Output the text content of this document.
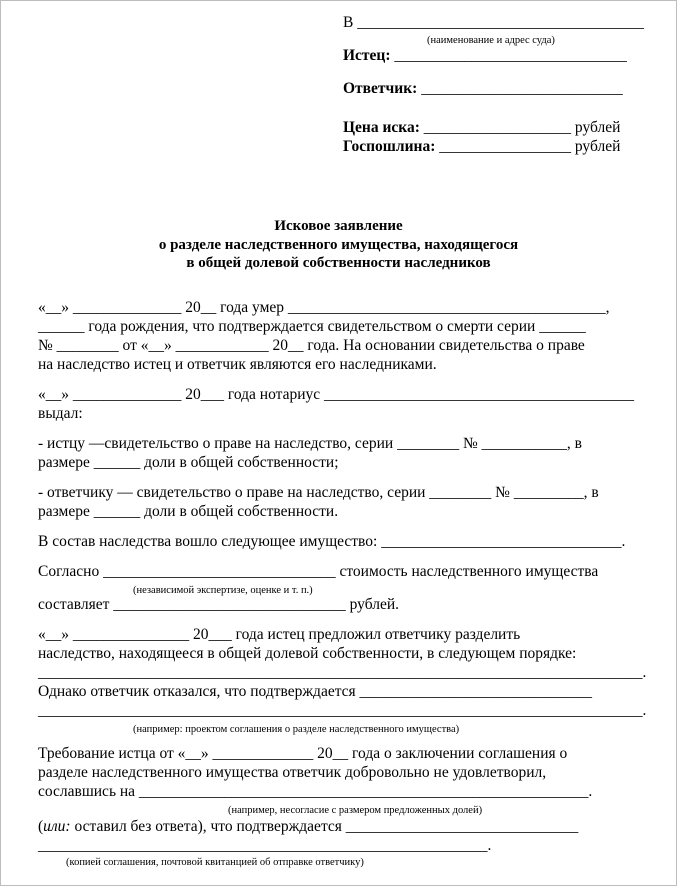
В _____________________________________
(наименование и адрес суда)
Истец: ______________________________
Ответчик: __________________________
Цена иска: ___________________ рублей
Госпошлина: _________________ рублей
Исковое заявление
о разделе наследственного имущества, находящегося
в общей долевой собственности наследников
«__» ______________ 20__ года умер _________________________________________,
______ года рождения, что подтверждается свидетельством о смерти серии ______
№ ________ от «__» ____________ 20__ года. На основании свидетельства о праве
на наследство истец и ответчик являются его наследниками.
«__» ______________ 20___ года нотариус ________________________________________
выдал:
- истцу —свидетельство о праве на наследство, серии ________ № ___________, в
размере ______ доли в общей собственности;
- ответчику — свидетельство о праве на наследство, серии ________ № _________, в
размере ______ доли в общей собственности.
В состав наследства вошло следующее имущество: _______________________________.
Согласно ______________________________ стоимость наследственного имущества
(независимой экспертизе, оценке и т. п.)
составляет ______________________________ рублей.
«__» _______________ 20___ года истец предложил ответчику разделить
наследство, находящееся в общей долевой собственности, в следующем порядке:
______________________________________________________________________________.
Однако ответчик отказался, что подтверждается ______________________________
______________________________________________________________________________.
(например: проектом соглашения о разделе наследственного имущества)
Требование истца от «__» _____________ 20__ года о заключении соглашения о
разделе наследственного имущества ответчик добровольно не удовлетворил,
сославшись на __________________________________________________________.
(например, несогласие с размером предложенных долей)
(или: оставил без ответа), что подтверждается ______________________________
__________________________________________________________.
(копией соглашения, почтовой квитанцией об отправке ответчику)
